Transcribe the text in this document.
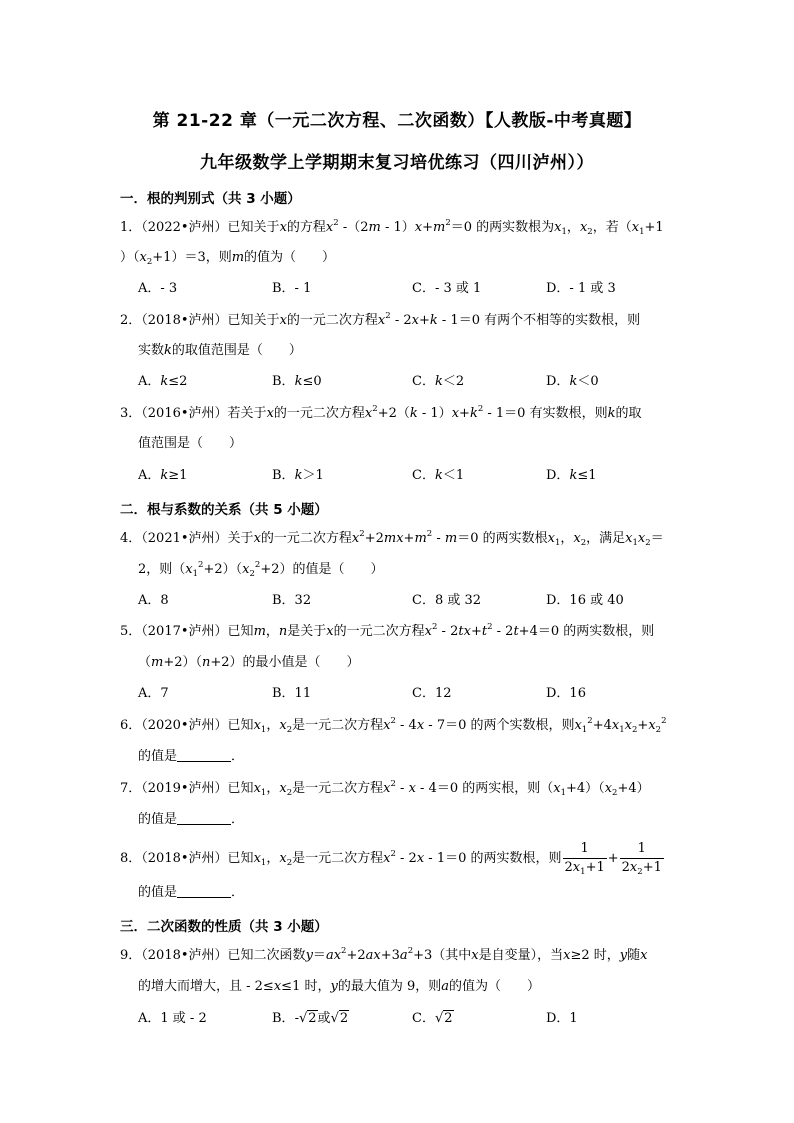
第 21-22 章（一元二次方程、二次函数）【人教版-中考真题】
九年级数学上学期期末复习培优练习（四川泸州））
一．根的判别式（共 3 小题）
1．（2022•泸州）已知关于x的方程$x^2$ $-(2m - 1)x+m^2=0$ 的两实数根为$x_1$，$x_2$，若（$x_1+1$
）$(x_2+1)=3$，则m的值为（　　）
A．- 3	B．- 1	C．- 3 或 1	D．- 1 或 3
2．（2018•泸州）已知关于x的一元二次方程$x^2 - 2x+k - 1=0$ 有两个不相等的实数根，则
实数k的取值范围是（　　）
A．k≤2	B．k≤0	C．k＜2	D．k＜0
3．（2016•泸州）若关于x的一元二次方程$x^2+2(k - 1)x+k^2 - 1=0$ 有实数根，则k的取
值范围是（　　）
A．k≥1	B．k＞1	C．k＜1	D．k≤1
二．根与系数的关系（共 5 小题）
4．（2021•泸州）关于x的一元二次方程$x^2+2mx+m^2 - m=0$ 的两实数根$x_1$，$x_2$，满足$x_1x_2=$
2，则$(x_1^2+2)(x_2^2+2)$的值是（　　）
A．8	B．32	C．8 或 32	D．16 或 40
5．（2017•泸州）已知m，n是关于x的一元二次方程$x^2 - 2tx+t^2 - 2t+4=0$ 的两实数根，则
（m+2）（n+2）的最小值是（　　）
A．7	B．11	C．12	D．16
6．（2020•泸州）已知$x_1$，$x_2$是一元二次方程$x^2 - 4x - 7=0$ 的两个实数根，则$x_1^2+4x_1x_2+x_2^2$
的值是	．
7．（2019•泸州）已知$x_1$，$x_2$是一元二次方程$x^2 - x - 4=0$ 的两实根，则$(x_1+4)(x_2+4)$
的值是	．
8．（2018•泸州）已知$x_1$，$x_2$是一元二次方程$x^2 - 2x - 1=0$ 的两实数根，则 $\frac{1}{2x_1+1} + \frac{1}{2x_2+1}$
的值是	．
三．二次函数的性质（共 3 小题）
9．（2018•泸州）已知二次函数$y=ax^2+2ax+3a^2+3$（其中x是自变量），当x≥2 时，y随x
的增大而增大，且 - 2≤x≤1 时，y的最大值为 9，则a的值为（　　）
A．1 或 - 2	B．-√2或√2	C．√2	D．1
